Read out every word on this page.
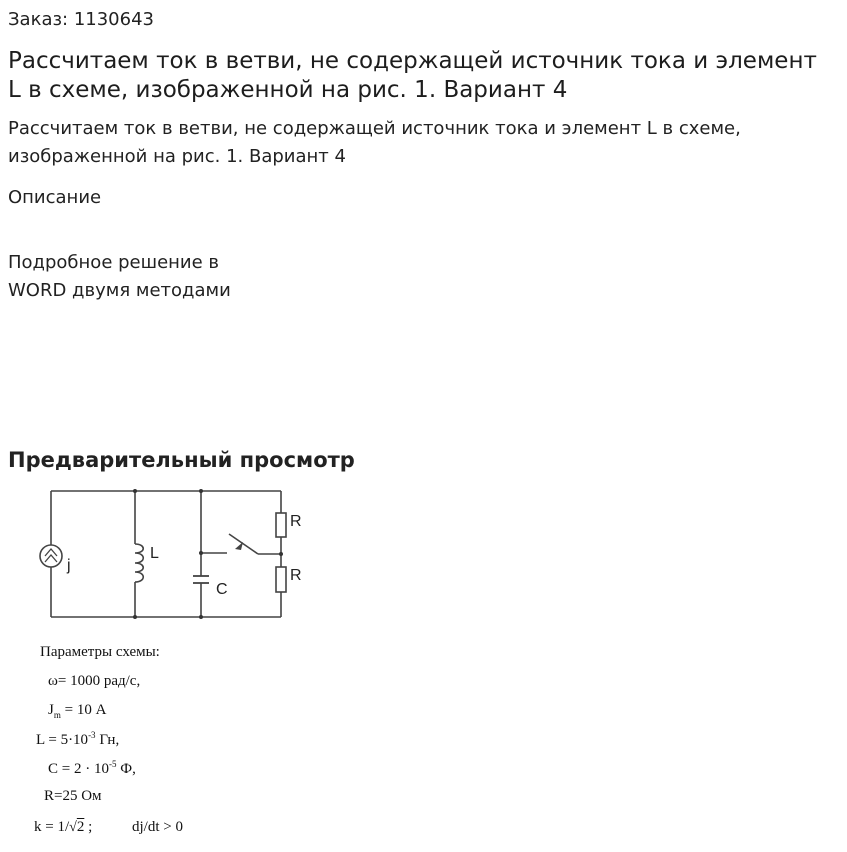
Заказ: 1130643
Рассчитаем ток в ветви, не содержащей источник тока и элемент L в схеме, изображенной на рис. 1. Вариант 4
Рассчитаем ток в ветви, не содержащей источник тока и элемент L в схеме, изображенной на рис. 1. Вариант 4
Описание
Подробное решение в WORD двумя методами
Предварительный просмотр
j
L
C
R
R
Параметры схемы:
ω= 1000 рад/с,
$J_m = 10$ А
$L = 5\cdot 10^{-3}$ Гн,
$С = 2 \cdot 10^{-5}$ Ф,
R=25 Ом
k = 1/√2 ;	dj/dt > 0
